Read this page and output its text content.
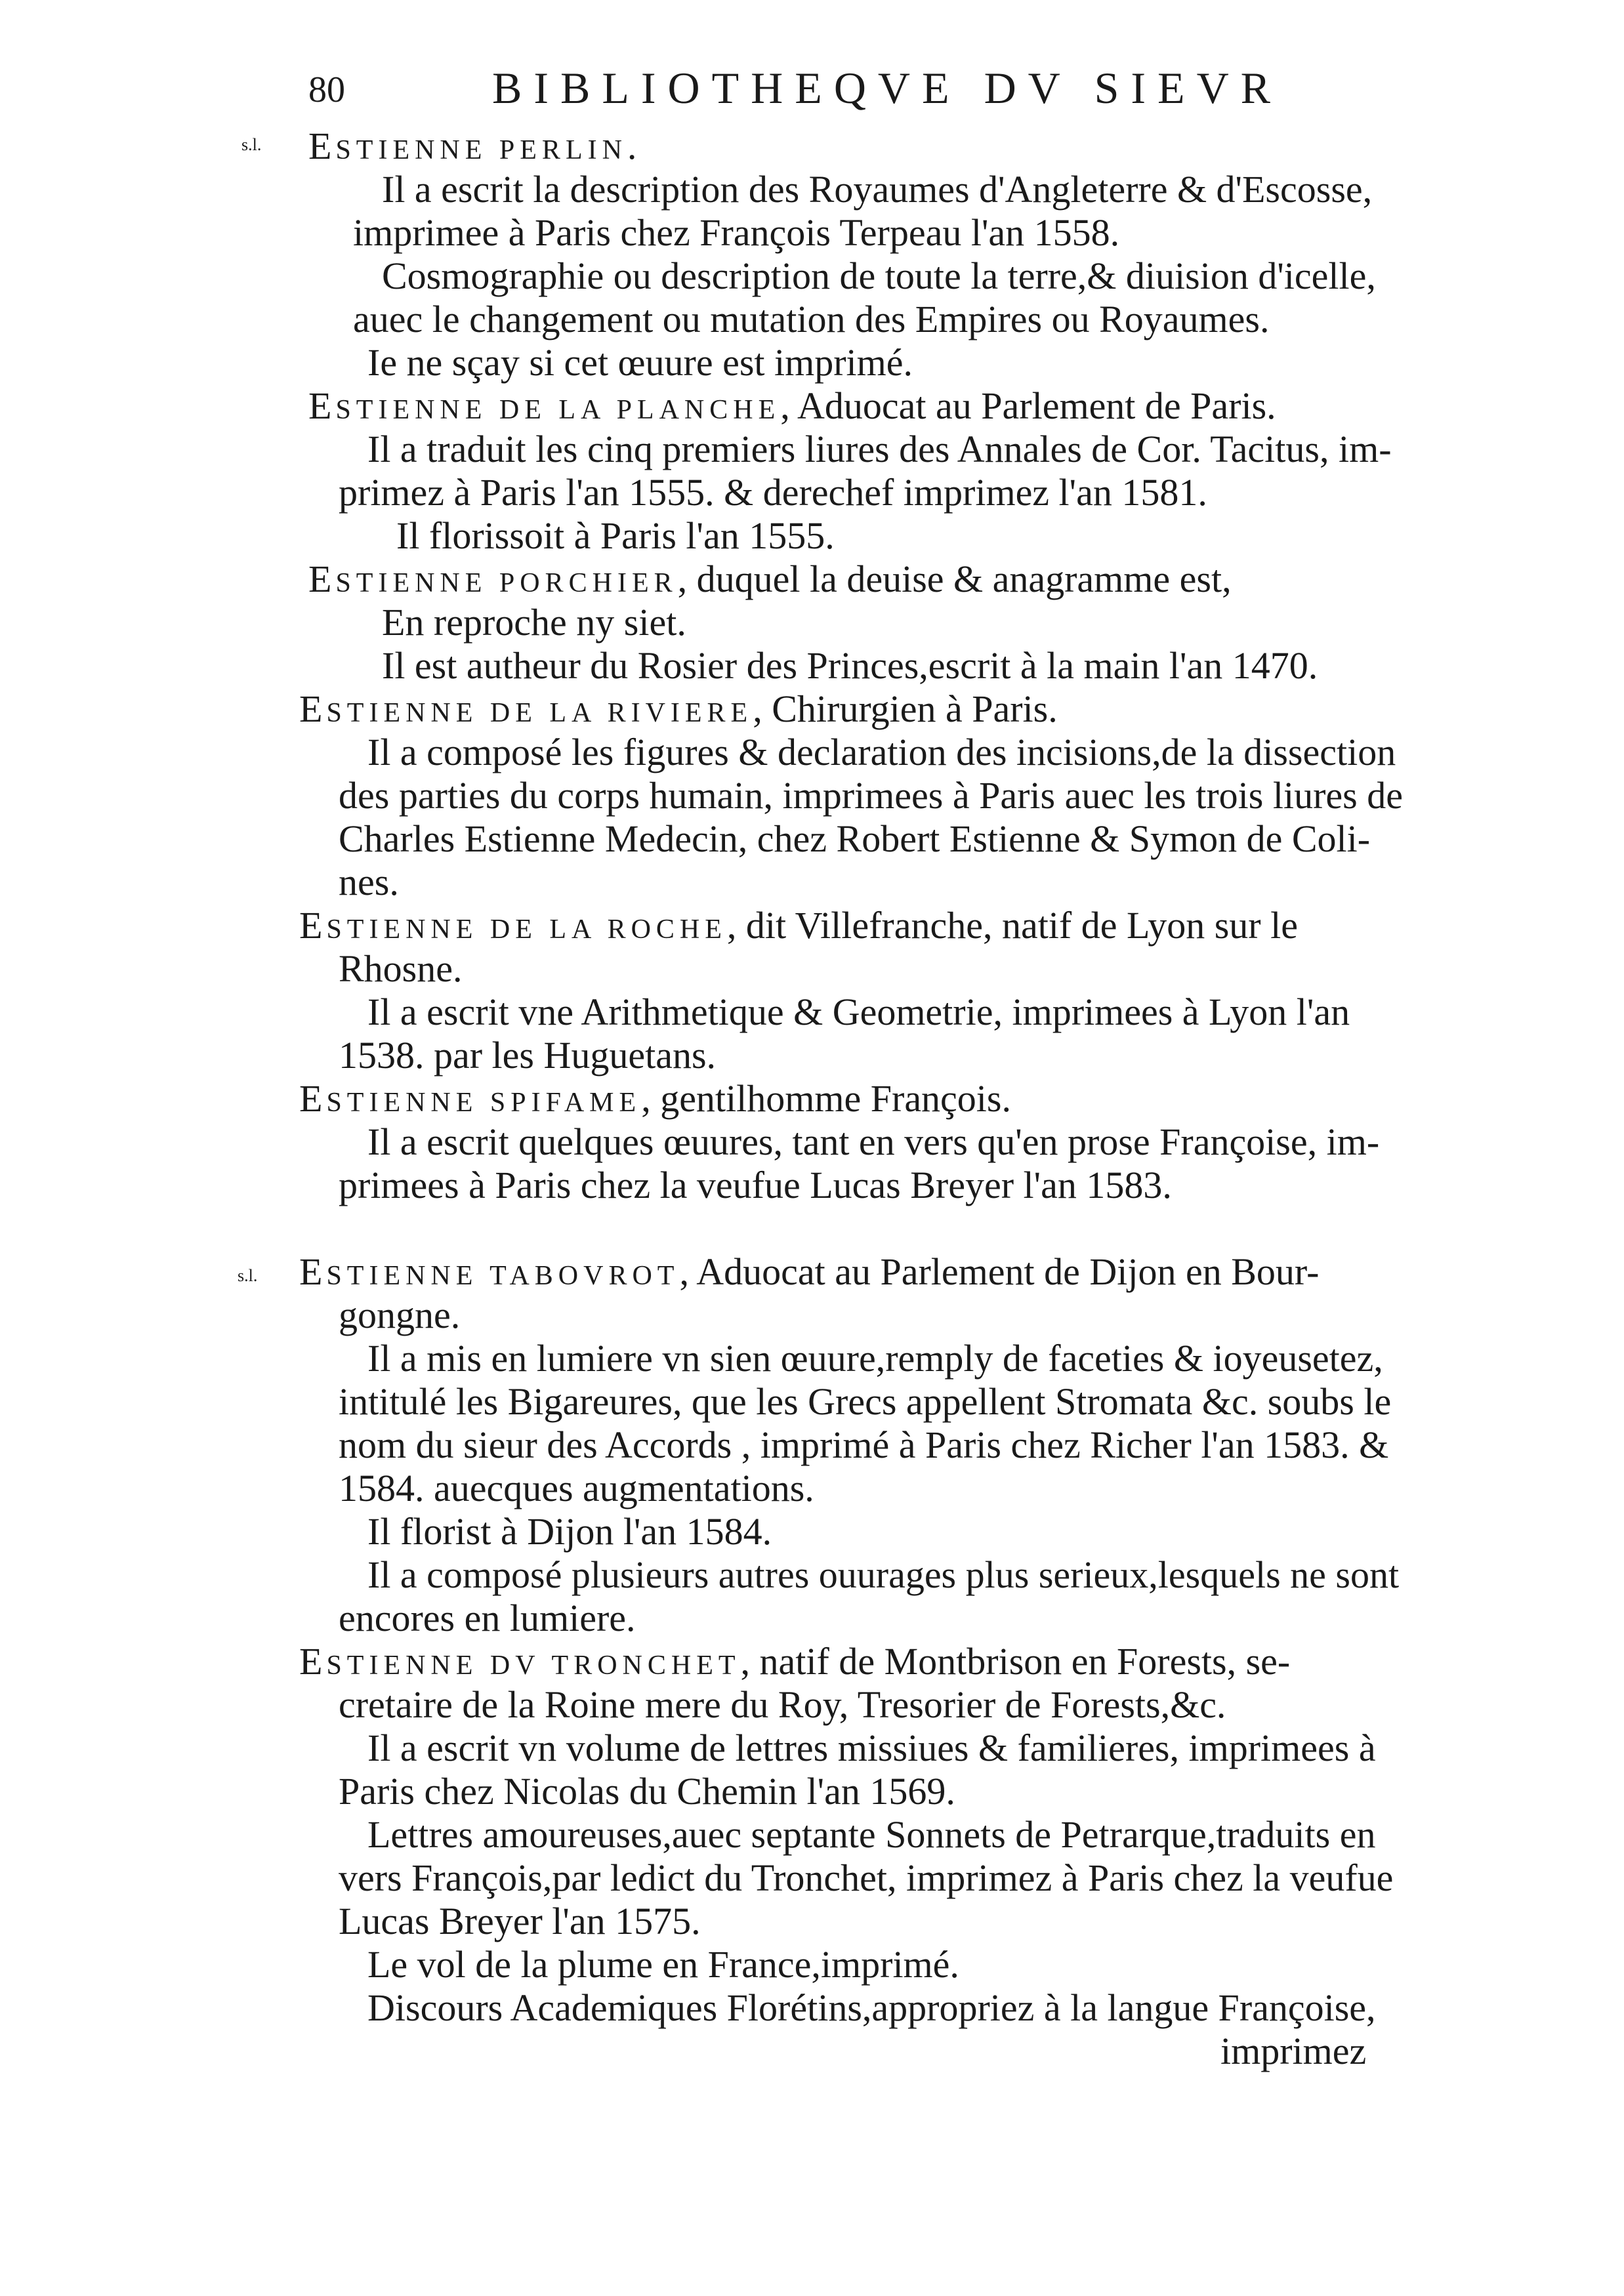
80	BIBLIOTHEQVE DV SIEVR
s.l.
s.l.
ESTIENNE PERLIN.
Il a escrit la description des Royaumes d'Angleterre & d'Escosse,
imprimee à Paris chez François Terpeau l'an 1558.
Cosmographie ou description de toute la terre,& diuision d'icelle,
auec le changement ou mutation des Empires ou Royaumes.
Ie ne sçay si cet œuure est imprimé.
ESTIENNE DE LA PLANCHE, Aduocat au Parlement de Paris.
Il a traduit les cinq premiers liures des Annales de Cor. Tacitus, im-
primez à Paris l'an 1555. & derechef imprimez l'an 1581.
Il florissoit à Paris l'an 1555.
ESTIENNE PORCHIER, duquel la deuise & anagramme est,
En reproche ny siet.
Il est autheur du Rosier des Princes,escrit à la main l'an 1470.
ESTIENNE DE LA RIVIERE, Chirurgien à Paris.
Il a composé les figures & declaration des incisions,de la dissection
des parties du corps humain, imprimees à Paris auec les trois liures de
Charles Estienne Medecin, chez Robert Estienne & Symon de Coli-
nes.
ESTIENNE DE LA ROCHE, dit Villefranche, natif de Lyon sur le
Rhosne.
Il a escrit vne Arithmetique & Geometrie, imprimees à Lyon l'an
1538. par les Huguetans.
ESTIENNE SPIFAME, gentilhomme François.
Il a escrit quelques œuures, tant en vers qu'en prose Françoise, im-
primees à Paris chez la veufue Lucas Breyer l'an 1583.
ESTIENNE TABOVROT, Aduocat au Parlement de Dijon en Bour-
gongne.
Il a mis en lumiere vn sien œuure,remply de faceties & ioyeusetez,
intitulé les Bigareures, que les Grecs appellent Stromata &c. soubs le
nom du sieur des Accords , imprimé à Paris chez Richer l'an 1583. &
1584. auecques augmentations.
Il florist à Dijon l'an 1584.
Il a composé plusieurs autres ouurages plus serieux,lesquels ne sont
encores en lumiere.
ESTIENNE DV TRONCHET, natif de Montbrison en Forests, se-
cretaire de la Roine mere du Roy, Tresorier de Forests,&c.
Il a escrit vn volume de lettres missiues & familieres, imprimees à
Paris chez Nicolas du Chemin l'an 1569.
Lettres amoureuses,auec septante Sonnets de Petrarque,traduits en
vers François,par ledict du Tronchet, imprimez à Paris chez la veufue
Lucas Breyer l'an 1575.
Le vol de la plume en France,imprimé.
Discours Academiques Florétins,appropriez à la langue Françoise,
imprimez
